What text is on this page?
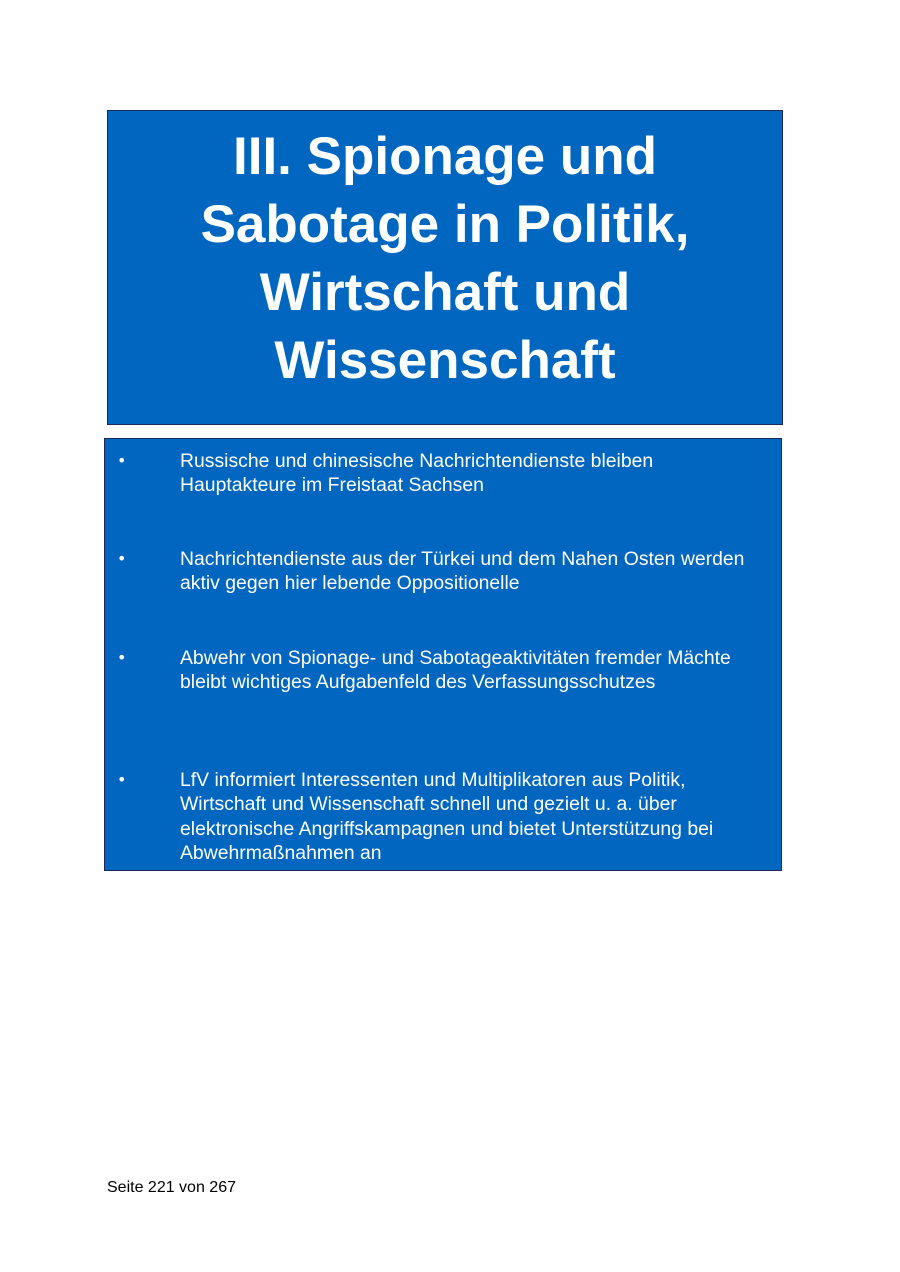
III. Spionage und Sabotage in Politik, Wirtschaft und Wissenschaft
•	Russische und chinesische Nachrichtendienste bleiben Hauptakteure im Freistaat Sachsen
•	Nachrichtendienste aus der Türkei und dem Nahen Osten werden aktiv gegen hier lebende Oppositionelle
•	Abwehr von Spionage- und Sabotageaktivitäten fremder Mächte bleibt wichtiges Aufgabenfeld des Verfassungsschutzes
•	LfV informiert Interessenten und Multiplikatoren aus Politik, Wirtschaft und Wissenschaft schnell und gezielt u. a. über elektronische Angriffskampagnen und bietet Unterstützung bei Abwehrmaßnahmen an
Seite 221 von 267
